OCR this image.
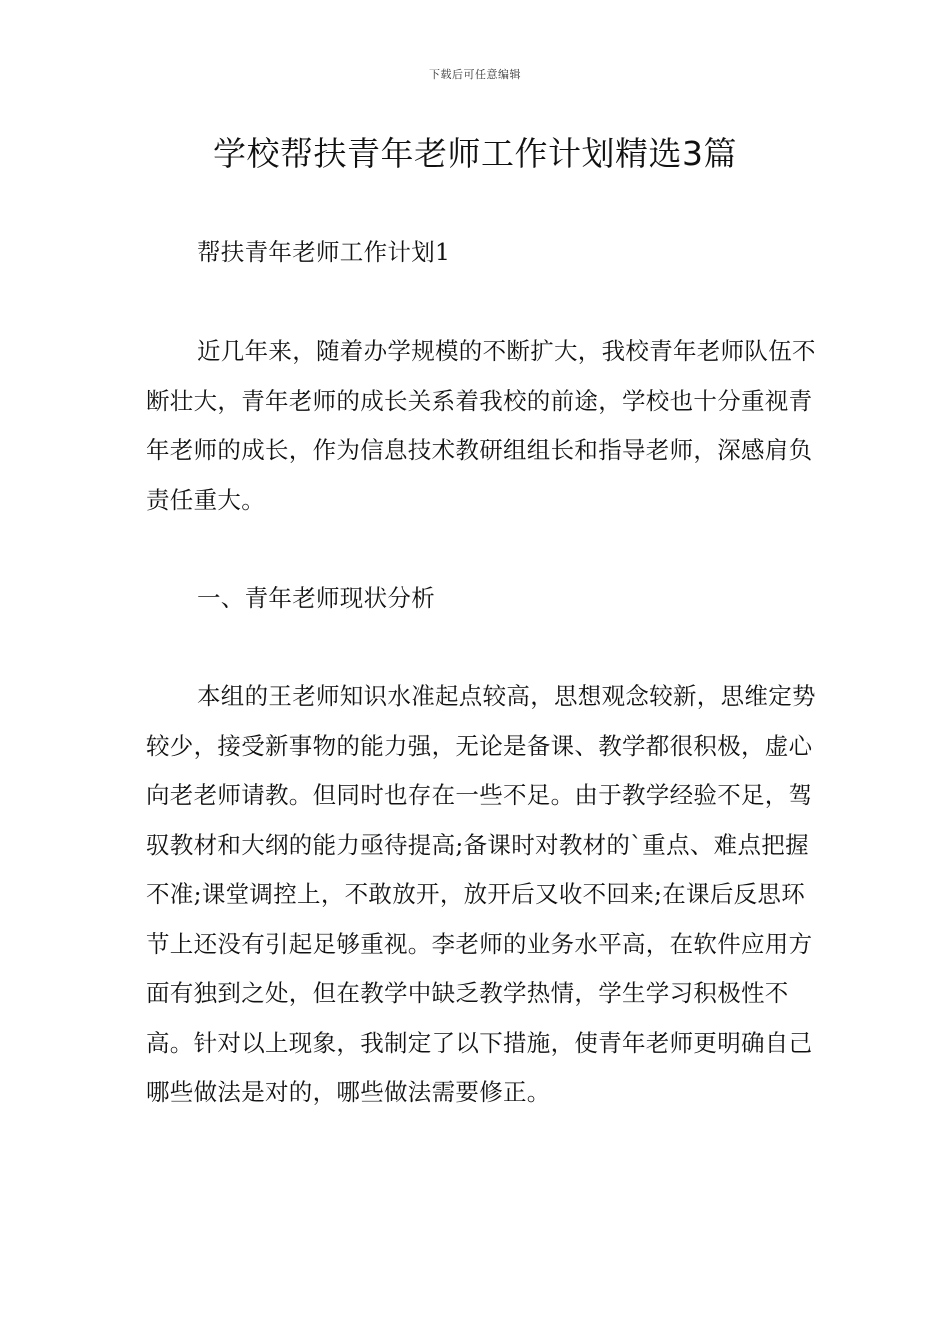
下载后可任意编辑
学校帮扶青年老师工作计划精选3篇

帮扶青年老师工作计划1

近几年来，随着办学规模的不断扩大，我校青年老师队伍不断壮大，青年老师的成长关系着我校的前途，学校也十分重视青年老师的成长，作为信息技术教研组组长和指导老师，深感肩负责任重大。

一、青年老师现状分析

本组的王老师知识水准起点较高，思想观念较新，思维定势较少，接受新事物的能力强，无论是备课、教学都很积极，虚心向老老师请教。但同时也存在一些不足。由于教学经验不足，驾驭教材和大纲的能力亟待提高;备课时对教材的`重点、难点把握不准;课堂调控上，不敢放开，放开后又收不回来;在课后反思环节上还没有引起足够重视。李老师的业务水平高，在软件应用方面有独到之处，但在教学中缺乏教学热情，学生学习积极性不高。针对以上现象，我制定了以下措施，使青年老师更明确自己哪些做法是对的，哪些做法需要修正。
